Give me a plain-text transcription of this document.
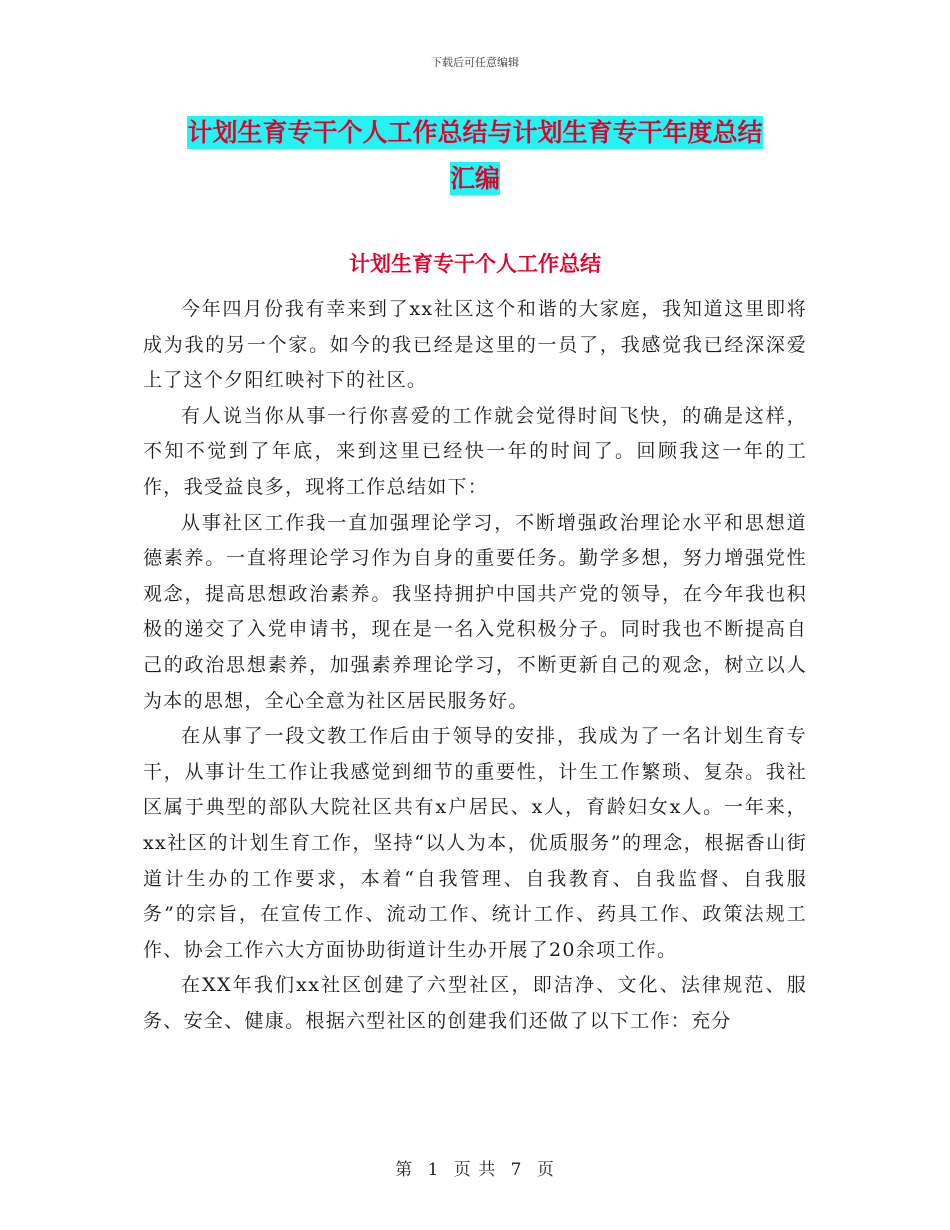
下载后可任意编辑
计划生育专干个人工作总结与计划生育专干年度总结
汇编
计划生育专干个人工作总结

今年四月份我有幸来到了xx社区这个和谐的大家庭，我知道这里即将成为我的另一个家。如今的我已经是这里的一员了，我感觉我已经深深爱上了这个夕阳红映衬下的社区。

有人说当你从事一行你喜爱的工作就会觉得时间飞快，的确是这样，不知不觉到了年底，来到这里已经快一年的时间了。回顾我这一年的工作，我受益良多，现将工作总结如下：

从事社区工作我一直加强理论学习，不断增强政治理论水平和思想道德素养。一直将理论学习作为自身的重要任务。勤学多想，努力增强党性观念，提高思想政治素养。我坚持拥护中国共产党的领导，在今年我也积极的递交了入党申请书，现在是一名入党积极分子。同时我也不断提高自己的政治思想素养，加强素养理论学习，不断更新自己的观念，树立以人为本的思想，全心全意为社区居民服务好。

在从事了一段文教工作后由于领导的安排，我成为了一名计划生育专干，从事计生工作让我感觉到细节的重要性，计生工作繁琐、复杂。我社区属于典型的部队大院社区共有x户居民、x人，育龄妇女x人。一年来，xx社区的计划生育工作，坚持“以人为本，优质服务”的理念，根据香山街道计生办的工作要求，本着“自我管理、自我教育、自我监督、自我服务”的宗旨，在宣传工作、流动工作、统计工作、药具工作、政策法规工作、协会工作六大方面协助街道计生办开展了20余项工作。

在XX年我们xx社区创建了六型社区，即洁净、文化、法律规范、服务、安全、健康。根据六型社区的创建我们还做了以下工作：充分

第 1 页 共 7 页
